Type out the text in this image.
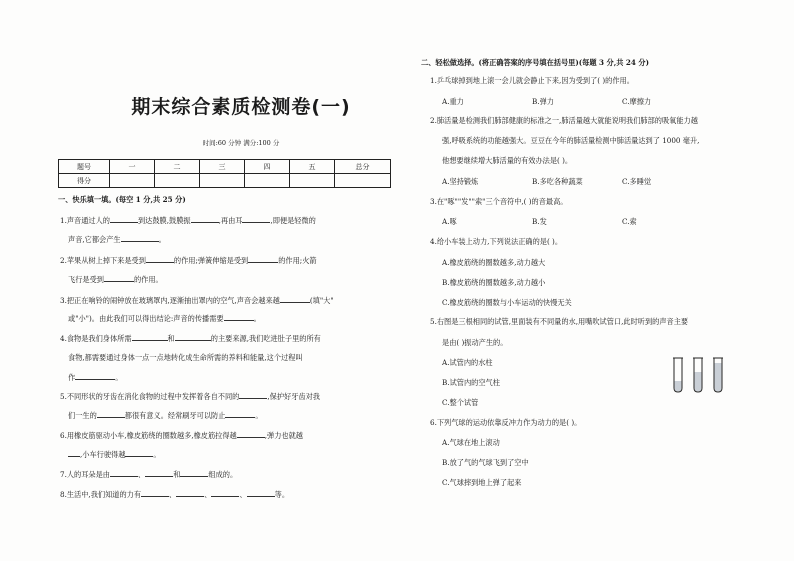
期末综合素质检测卷(一)
时间:60 分钟 满分:100 分
题号	一	二	三	四	五	总分
得分						
一、快乐填一填。(每空 1 分,共 25 分)
1.声音通过人的	到达鼓膜,鼓膜振	,再由耳	,即便是轻微的
声音,它都会产生	。
2.苹果从树上掉下来是受到	的作用;弹簧伸缩是受到	的作用;火箭
飞行是受到	的作用。
3.把正在响铃的闹钟放在玻璃罩内,逐渐抽出罩内的空气,声音会越来越	(填"大"
或"小")。由此我们可以得出结论:声音的传播需要	。
4.食物是我们身体所需	和	的主要来源,我们吃进肚子里的所有
食物,都需要通过身体一点一点地转化成生命所需的养料和能量,这个过程叫
作	。
5.不同形状的牙齿在消化食物的过程中发挥着各自不同的	,保护好牙齿对我
们一生的	都很有意义。经常刷牙可以防止	。
6.用橡皮筋驱动小车,橡皮筋绕的圈数越多,橡皮筋拉得越	,弹力也就越
,小车行驶得越	。
7.人的耳朵是由	、	和	组成的。
8.生活中,我们知道的力有	、	、	、	等。
二、轻松做选择。(将正确答案的序号填在括号里)(每题 3 分,共 24 分)
1.乒乓球掉到地上滚一会儿就会静止下来,因为受到了( )的作用。
A.重力	B.弹力	C.摩擦力
2.肺活量是检测我们肺部健康的标准之一,肺活量越大就能说明我们肺部的吸氧能力越
强,呼吸系统的功能越强大。豆豆在今年的肺活量检测中肺活量达到了 1000 毫升,
他想要继续增大肺活量的有效办法是( )。
A.坚持锻炼	B.多吃各种蔬菜	C.多睡觉
3.在"啄""发""索"三个音符中,( )的音最高。
A.啄	B.发	C.索
4.给小车装上动力,下列说法正确的是( )。
A.橡皮筋绕的圈数越多,动力越大
B.橡皮筋绕的圈数越多,动力越小
C.橡皮筋绕的圈数与小车运动的快慢无关
5.右图是三根相同的试管,里面装有不同量的水,用嘴吹试管口,此时听到的声音主要
是由( )振动产生的。
A.试管内的水柱
B.试管内的空气柱
C.整个试管
6.下列气球的运动依靠反冲力作为动力的是( )。
A.气球在地上滚动
B.放了气的气球飞到了空中
C.气球摔到地上弹了起来
